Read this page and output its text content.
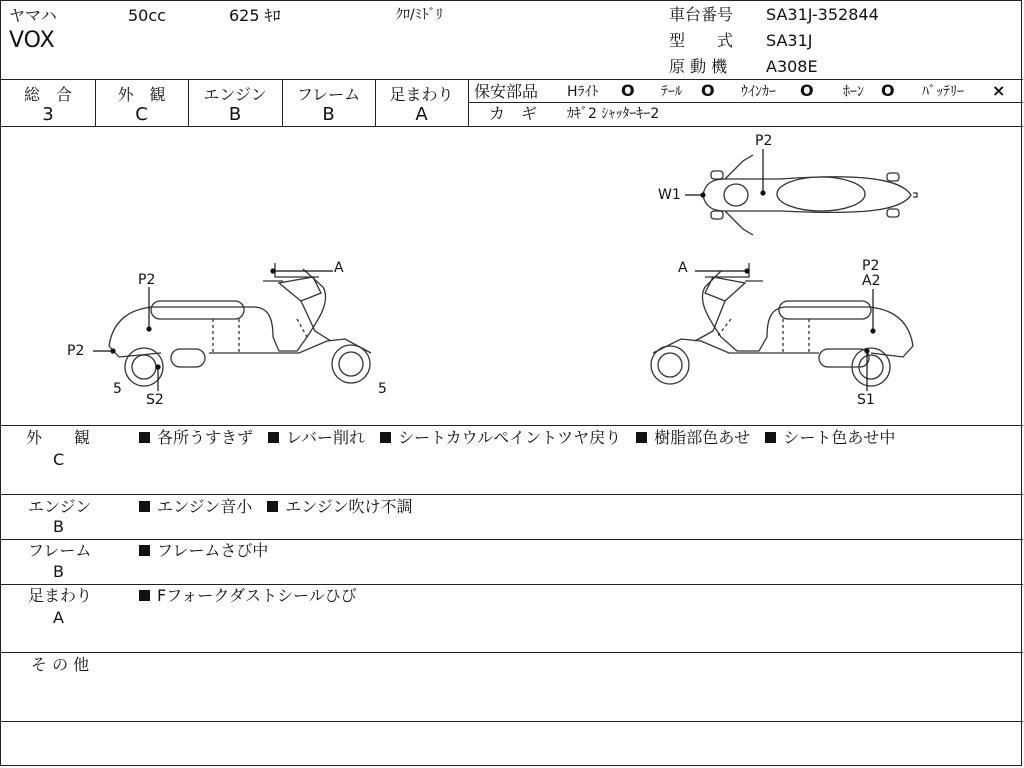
ヤマハ	50cc	625 ｷﾛ	ｸﾛ/ﾐﾄﾞﾘ
VOX
車台番号 SA31J-352844
型　　式 SA31J
原 動 機 A308E
総　合
3
外　観
C
エンジン
B
フレーム
B
足まわり
A
保安部品 Hﾗｲﾄ O ﾃｰﾙ O ｳｲﾝｶｰ O ﾎｰﾝ O ﾊﾞｯﾃﾘｰ ×
カ　ギ ｶｷﾞ2 ｼｬｯﾀｰｷｰ2
P2
W1
A
P2
P2
5
S2
5
A	P2
A2
S1
外　　観
C
各所うすきず レバー削れ シートカウルペイントツヤ戻り 樹脂部色あせ シート色あせ中
エンジン
B
エンジン音小 エンジン吹け不調
フレーム
B
フレームさび中
足まわり
A
Fフォークダストシールひび
そ の 他
